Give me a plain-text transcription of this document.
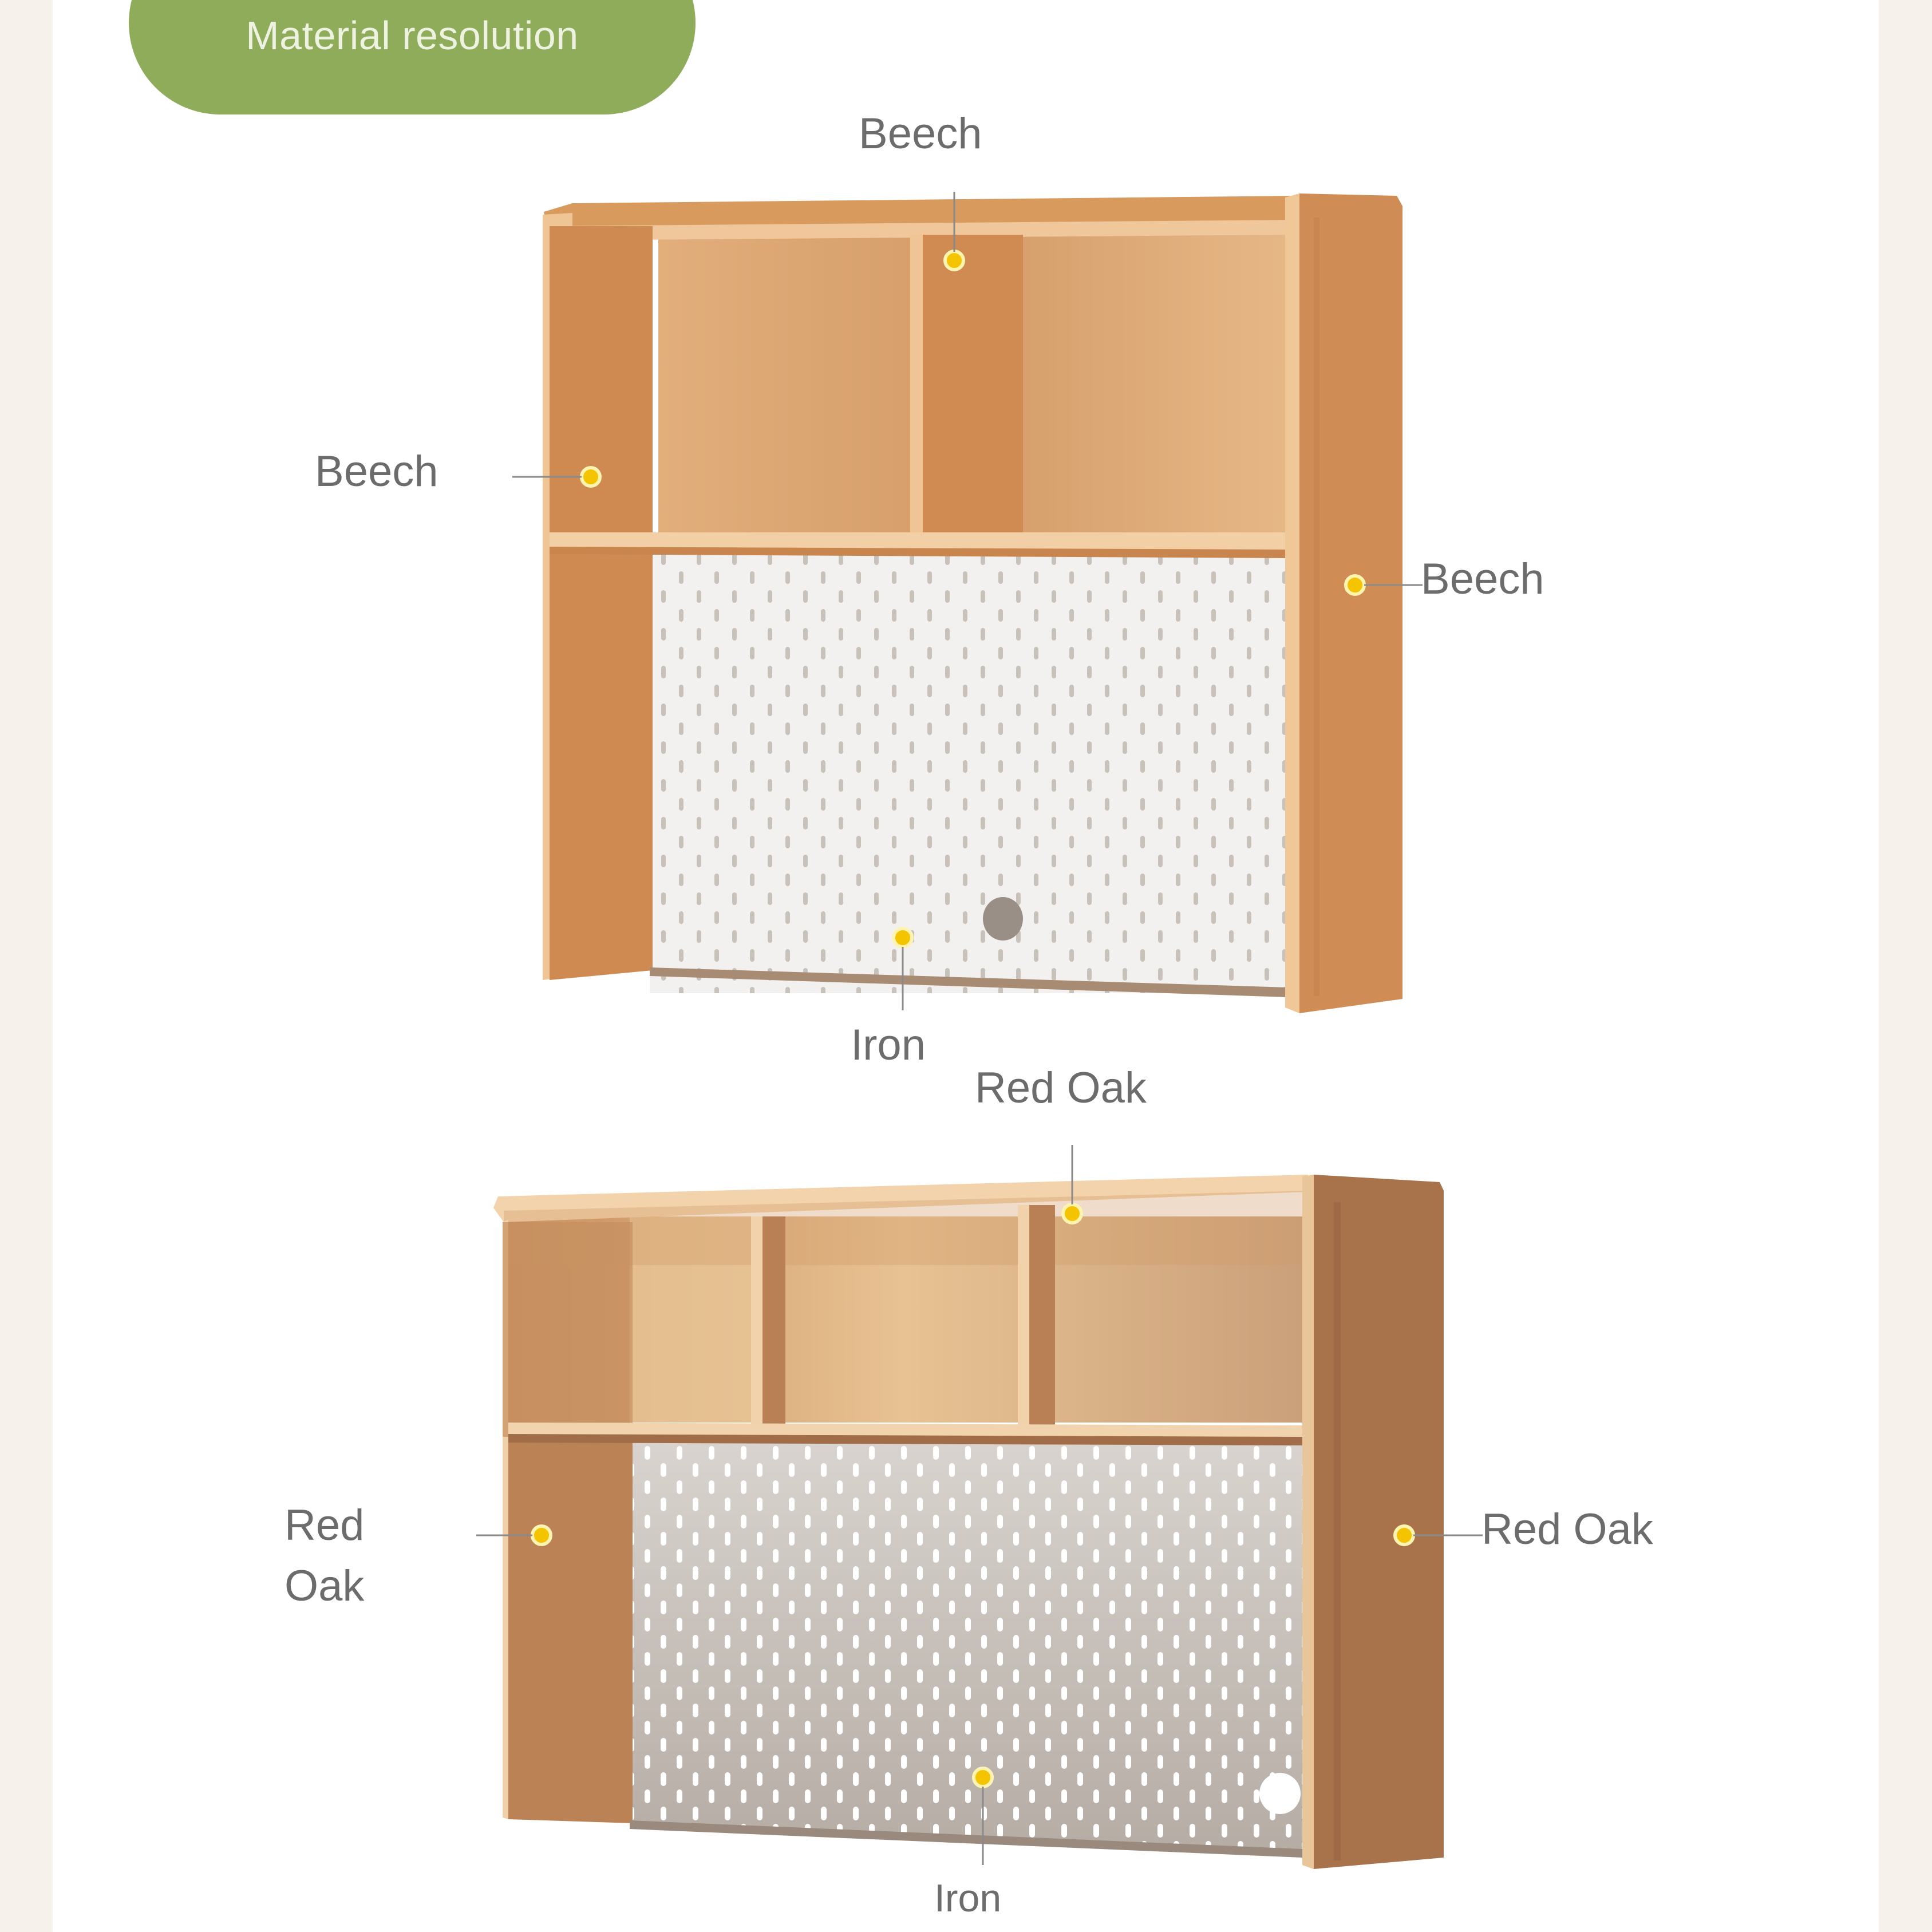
Material resolution
Beech
Beech
Beech
Iron
Red Oak
Red Oak
Red Oak
Iron
